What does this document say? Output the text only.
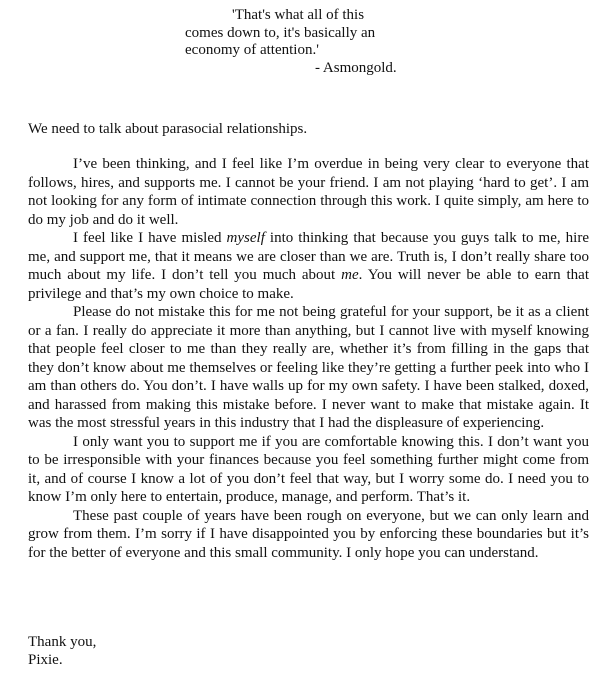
'That's what all of this
comes down to, it's basically an
economy of attention.'
- Asmongold.
We need to talk about parasocial relationships.

I’ve been thinking, and I feel like I’m overdue in being very clear to everyone that follows, hires, and supports me. I cannot be your friend. I am not playing ‘hard to get’. I am not looking for any form of intimate connection through this work. I quite simply, am here to do my job and do it well.

I feel like I have misled myself into thinking that because you guys talk to me, hire me, and support me, that it means we are closer than we are. Truth is, I don’t really share too much about my life. I don’t tell you much about me. You will never be able to earn that privilege and that’s my own choice to make.

Please do not mistake this for me not being grateful for your support, be it as a client or a fan. I really do appreciate it more than anything, but I cannot live with myself knowing that people feel closer to me than they really are, whether it’s from filling in the gaps that they don’t know about me themselves or feeling like they’re getting a further peek into who I am than others do. You don’t. I have walls up for my own safety. I have been stalked, doxed, and harassed from making this mistake before. I never want to make that mistake again. It was the most stressful years in this industry that I had the displeasure of experiencing.

I only want you to support me if you are comfortable knowing this. I don’t want you to be irresponsible with your finances because you feel something further might come from it, and of course I know a lot of you don’t feel that way, but I worry some do. I need you to know I’m only here to entertain, produce, manage, and perform. That’s it.

These past couple of years have been rough on everyone, but we can only learn and grow from them. I’m sorry if I have disappointed you by enforcing these boundaries but it’s for the better of everyone and this small community. I only hope you can understand.

Thank you,
Pixie.
